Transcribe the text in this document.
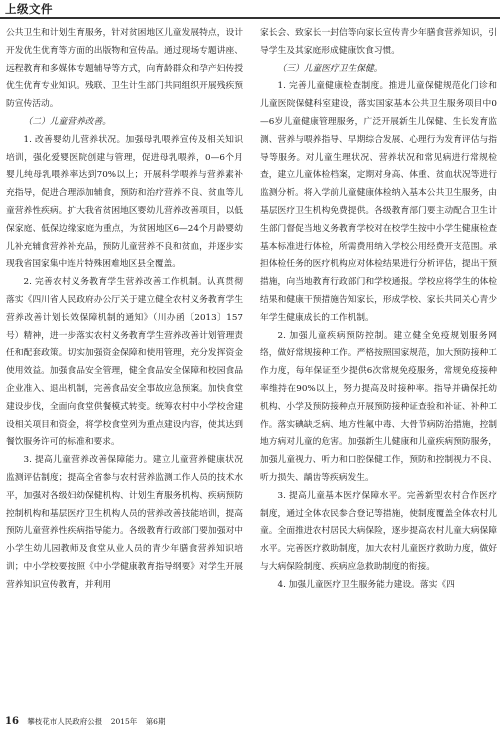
上级文件

公共卫生和计划生育服务，针对贫困地区儿童发展特点，设计开发优生优育等方面的出版物和宣传品。通过现场专题讲座、远程教育和多媒体专题辅导等方式，向育龄群众和孕产妇传授优生优育专业知识。残联、卫生计生部门共同组织开展残疾预防宣传活动。

（二）儿童营养改善。

1. 改善婴幼儿营养状况。加强母乳喂养宣传及相关知识培训，强化爱婴医院创建与管理，促进母乳喂养，0—6个月婴儿纯母乳喂养率达到70%以上；开展科学喂养与营养素补充指导，促进合理添加辅食，预防和治疗营养不良、贫血等儿童营养性疾病。扩大我省贫困地区婴幼儿营养改善项目，以低保家庭、低保边缘家庭为重点，为贫困地区6—24个月龄婴幼儿补充辅食营养补充品，预防儿童营养不良和贫血，并逐步实现我省国家集中连片特殊困难地区县全覆盖。

2. 完善农村义务教育学生营养改善工作机制。认真贯彻落实《四川省人民政府办公厅关于建立健全农村义务教育学生营养改善计划长效保障机制的通知》（川办函〔2013〕157号）精神，进一步落实农村义务教育学生营养改善计划管理责任和配套政策。切实加强资金保障和使用管理，充分发挥资金使用效益。加强食品安全管理，健全食品安全保障和校园食品企业准入、退出机制，完善食品安全事故应急预案。加快食堂建设步伐，全面向食堂供餐模式转变。统筹农村中小学校舍建设相关项目和资金，将学校食堂列为重点建设内容，使其达到餐饮服务许可的标准和要求。

3. 提高儿童营养改善保障能力。建立儿童营养健康状况监测评估制度；提高全省参与农村营养监测工作人员的技术水平，加强对各级妇幼保健机构、计划生育服务机构、疾病预防控制机构和基层医疗卫生机构人员的营养改善技能培训，提高预防儿童营养性疾病指导能力。各级教育行政部门要加强对中小学生幼儿园教师及食堂从业人员的青少年膳食营养知识培训；中小学校要按照《中小学健康教育指导纲要》对学生开展营养知识宣传教育，并利用

家长会、致家长一封信等向家长宣传青少年膳食营养知识，引导学生及其家庭形成健康饮食习惯。

（三）儿童医疗卫生保健。

1. 完善儿童健康检查制度。推进儿童保健规范化门诊和儿童医院保健科室建设，落实国家基本公共卫生服务项目中0—6岁儿童健康管理服务，广泛开展新生儿保健、生长发育监测、营养与喂养指导、早期综合发展、心理行为发育评估与指导等服务。对儿童生理状况、营养状况和常见病进行常规检查，建立儿童体检档案，定期对身高、体重、贫血状况等进行监测分析。将入学前儿童健康体检纳入基本公共卫生服务，由基层医疗卫生机构免费提供。各级教育部门要主动配合卫生计生部门督促当地义务教育学校对在校学生按中小学生健康检查基本标准进行体检，所需费用纳入学校公用经费开支范围。承担体检任务的医疗机构应对体检结果进行分析评估，提出干预措施，向当地教育行政部门和学校通报。学校应将学生的体检结果和健康干预措施告知家长，形成学校、家长共同关心青少年学生健康成长的工作机制。

2. 加强儿童疾病预防控制。建立健全免疫规划服务网络，做好常规接种工作。严格按照国家规范，加大预防接种工作力度，每年保证至少提供6次常规免疫服务，常规免疫接种率维持在90%以上，努力提高及时接种率。指导并确保托幼机构、小学及预防接种点开展预防接种证查验和补证、补种工作。落实碘缺乏病、地方性氟中毒、大骨节病防治措施，控制地方病对儿童的危害。加强新生儿健康和儿童疾病预防服务，加强儿童视力、听力和口腔保健工作，预防和控制视力不良、听力损失、龋齿等疾病发生。

3. 提高儿童基本医疗保障水平。完善新型农村合作医疗制度，通过全体农民参合登记等措施，使制度覆盖全体农村儿童。全面推进农村居民大病保险，逐步提高农村儿童大病保障水平。完善医疗救助制度，加大农村儿童医疗救助力度，做好与大病保险制度、疾病应急救助制度的衔接。

4. 加强儿童医疗卫生服务能力建设。落实《四

16 攀枝花市人民政府公报 2015年 第6期
